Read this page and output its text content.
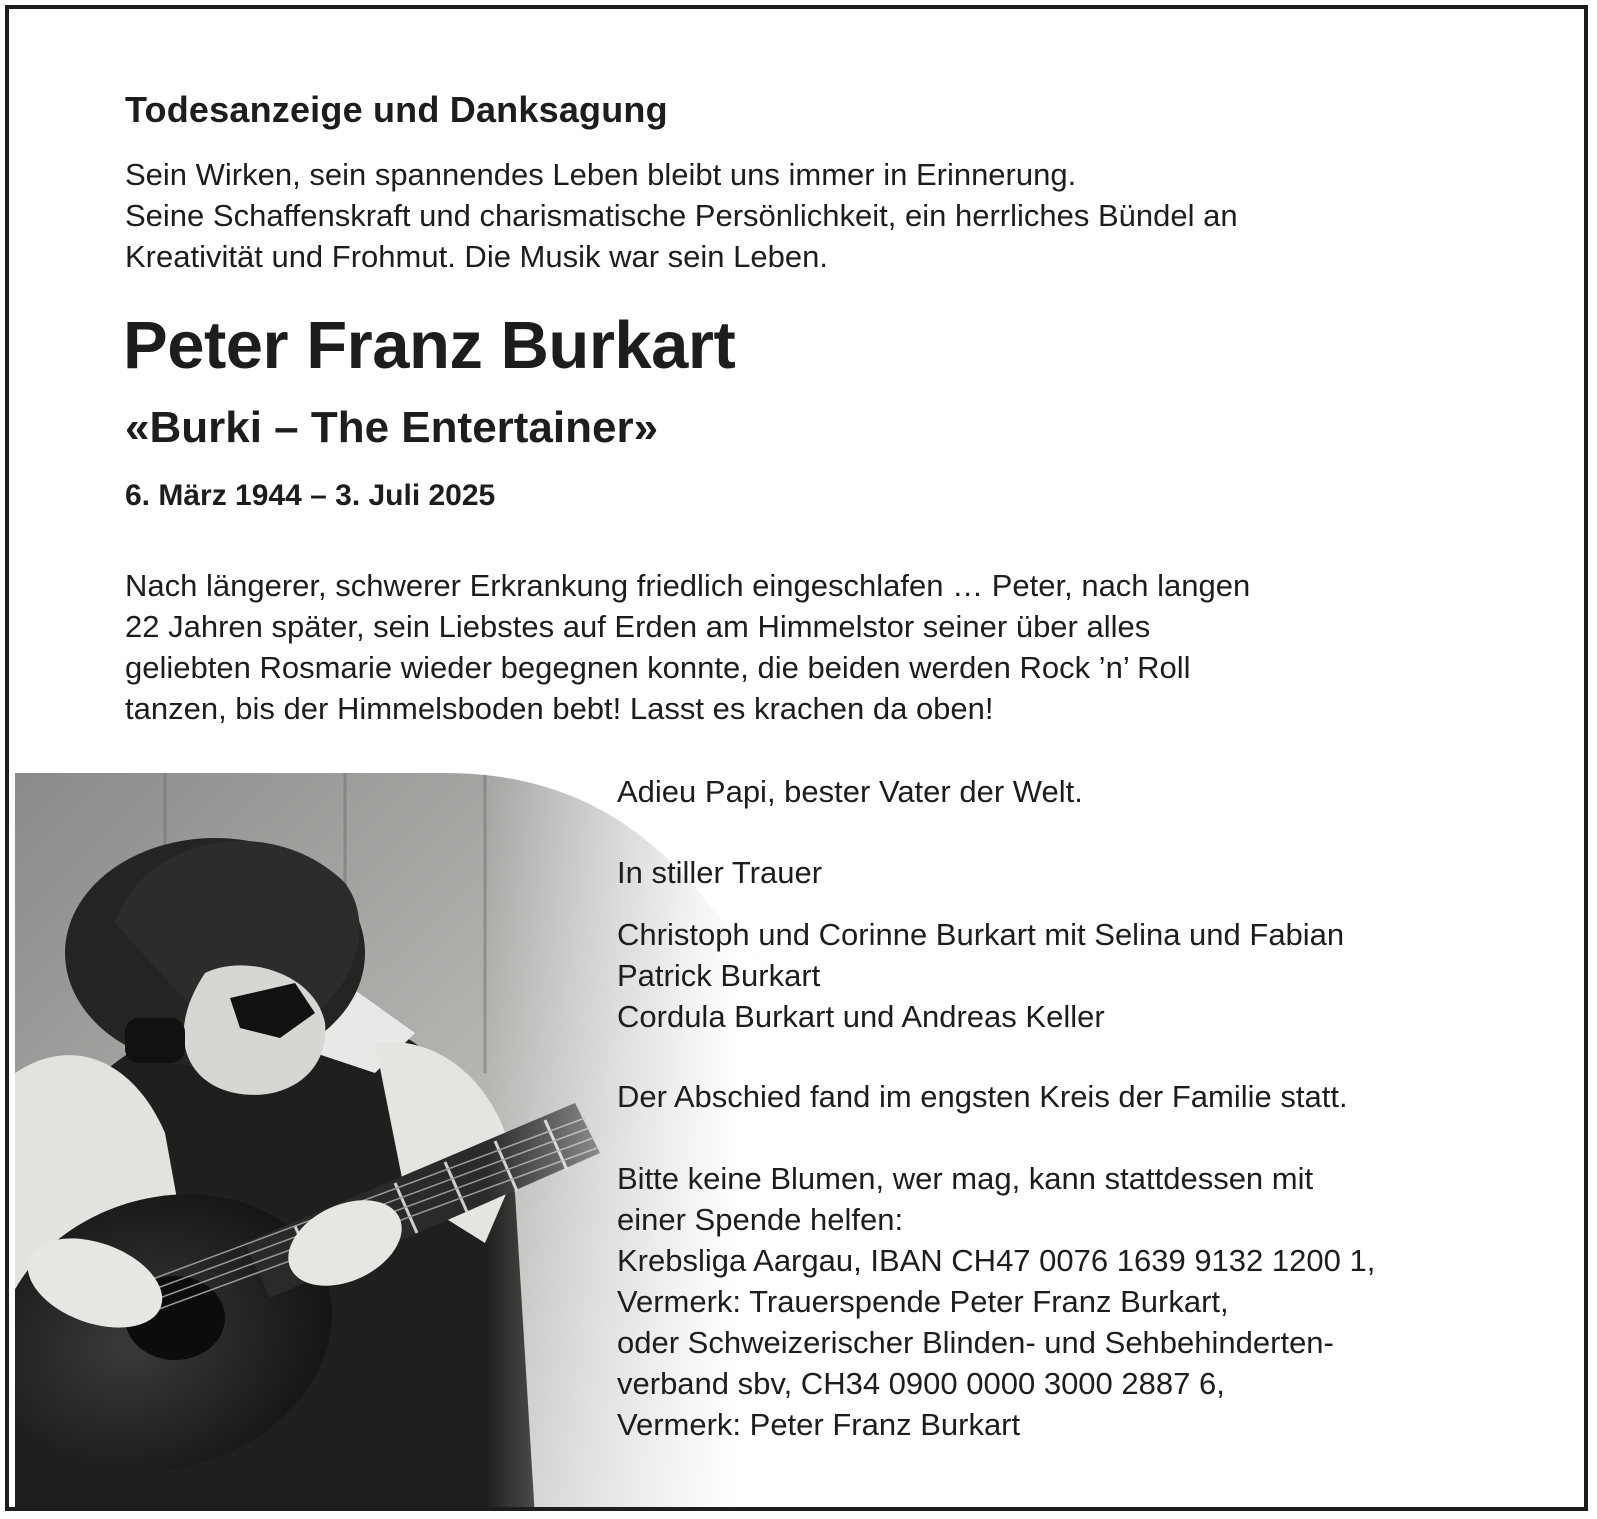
Todesanzeige und Danksagung
Sein Wirken, sein spannendes Leben bleibt uns immer in Erinnerung.
Seine Schaffenskraft und charismatische Persönlichkeit, ein herrliches Bündel an
Kreativität und Frohmut. Die Musik war sein Leben.
Peter Franz Burkart
«Burki – The Entertainer»
6. März 1944 – 3. Juli 2025
Nach längerer, schwerer Erkrankung friedlich eingeschlafen … Peter, nach langen
22 Jahren später, sein Liebstes auf Erden am Himmelstor seiner über alles
geliebten Rosmarie wieder begegnen konnte, die beiden werden Rock ’n’ Roll
tanzen, bis der Himmelsboden bebt! Lasst es krachen da oben!
Adieu Papi, bester Vater der Welt.
In stiller Trauer
Christoph und Corinne Burkart mit Selina und Fabian
Patrick Burkart
Cordula Burkart und Andreas Keller
Der Abschied fand im engsten Kreis der Familie statt.
Bitte keine Blumen, wer mag, kann stattdessen mit
einer Spende helfen:
Krebsliga Aargau, IBAN CH47 0076 1639 9132 1200 1,
Vermerk: Trauerspende Peter Franz Burkart,
oder Schweizerischer Blinden- und Sehbehinderten-
verband sbv, CH34 0900 0000 3000 2887 6,
Vermerk: Peter Franz Burkart
